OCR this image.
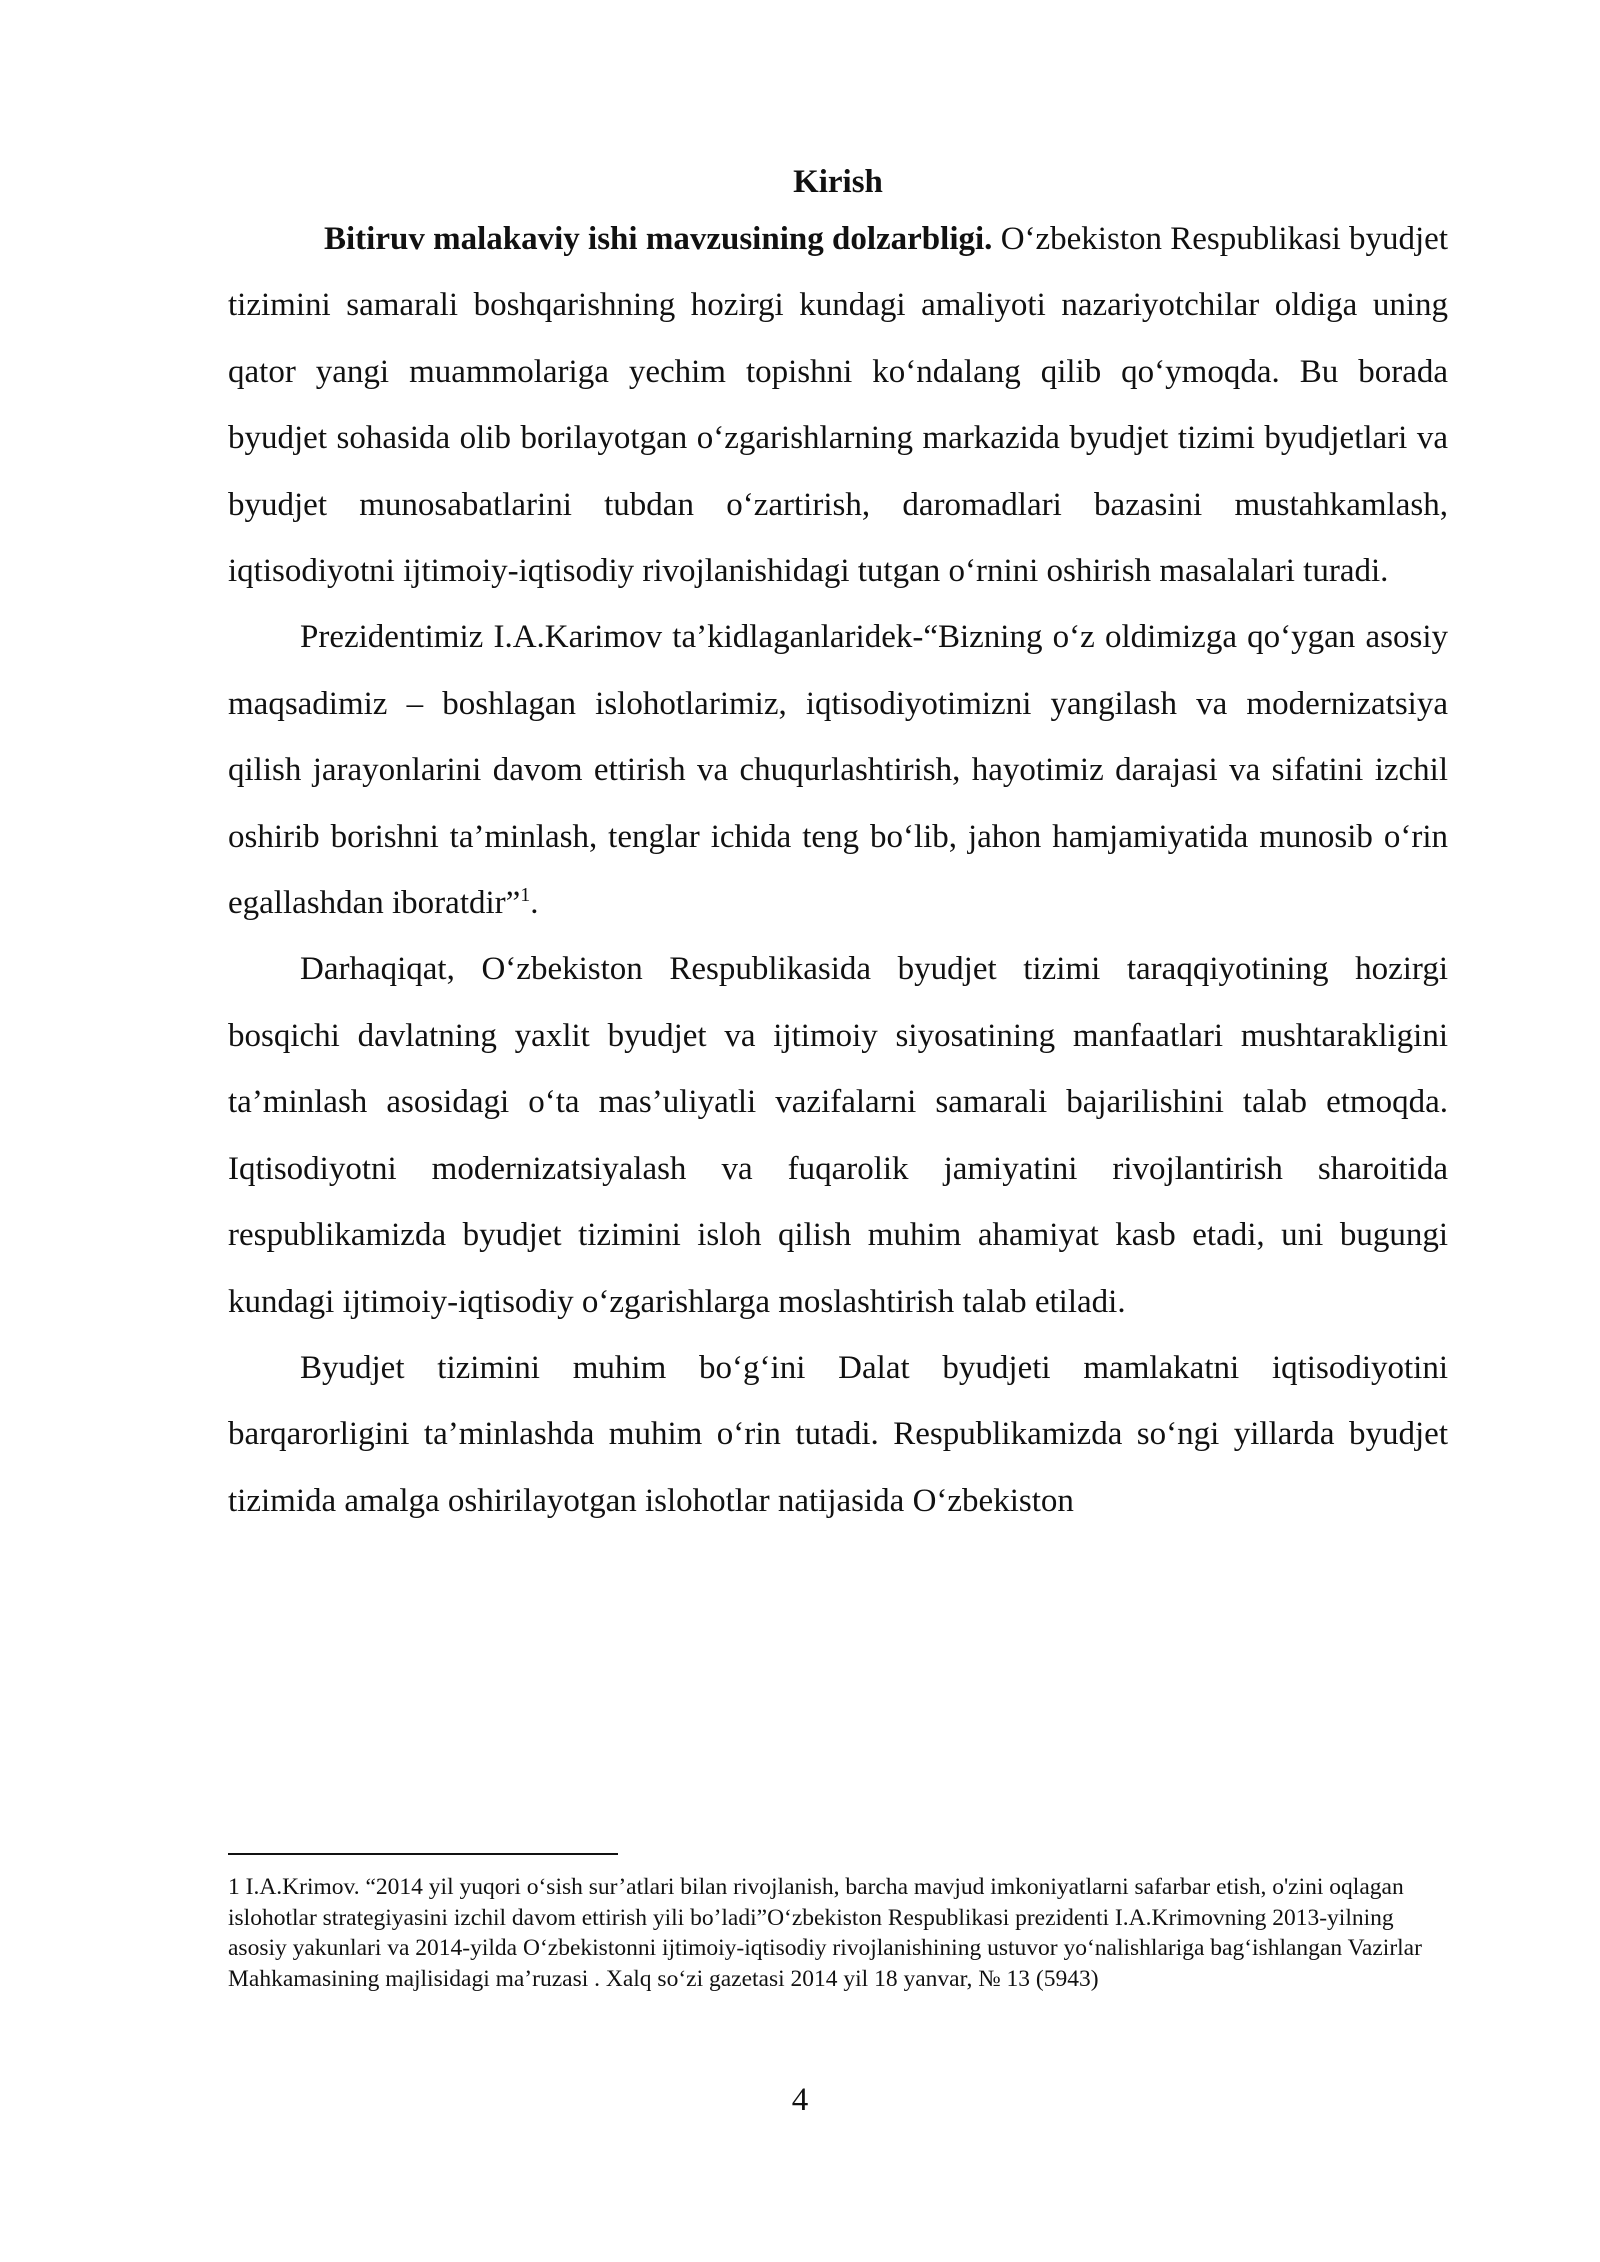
Kirish

Bitiruv malakaviy ishi mavzusining dolzarbligi. O‘zbekiston Respublikasi byudjet tizimini samarali boshqarishning hozirgi kundagi amaliyoti nazariyotchilar oldiga uning qator yangi muammolariga yechim topishni ko‘ndalang qilib qo‘ymoqda. Bu borada byudjet sohasida olib borilayotgan o‘zgarishlarning markazida byudjet tizimi byudjetlari va byudjet munosabatlarini tubdan o‘zartirish, daromadlari bazasini mustahkamlash, iqtisodiyotni ijtimoiy-iqtisodiy rivojlanishidagi tutgan o‘rnini oshirish masalalari turadi.

Prezidentimiz I.A.Karimov ta’kidlaganlaridek-“Bizning o‘z oldimizga qo‘ygan asosiy maqsadimiz – boshlagan islohotlarimiz, iqtisodiyotimizni yangilash va modernizatsiya qilish jarayonlarini davom ettirish va chuqurlashtirish, hayotimiz darajasi va sifatini izchil oshirib borishni ta’minlash, tenglar ichida teng bo‘lib, jahon hamjamiyatida munosib o‘rin egallashdan iboratdir”$^1$.

Darhaqiqat, O‘zbekiston Respublikasida byudjet tizimi taraqqiyotining hozirgi bosqichi davlatning yaxlit byudjet va ijtimoiy siyosatining manfaatlari mushtarakligini ta’minlash asosidagi o‘ta mas’uliyatli vazifalarni samarali bajarilishini talab etmoqda. Iqtisodiyotni modernizatsiyalash va fuqarolik jamiyatini rivojlantirish sharoitida respublikamizda byudjet tizimini isloh qilish muhim ahamiyat kasb etadi, uni bugungi kundagi ijtimoiy-iqtisodiy o‘zgarishlarga moslashtirish talab etiladi.

Byudjet tizimini muhim bo‘g‘ini Dalat byudjeti mamlakatni iqtisodiyotini barqarorligini ta’minlashda muhim o‘rin tutadi. Respublikamizda so‘ngi yillarda byudjet tizimida amalga oshirilayotgan islohotlar natijasida O‘zbekiston

1 I.A.Krimov. “2014 yil yuqori o‘sish sur’atlari bilan rivojlanish, barcha mavjud imkoniyatlarni safarbar etish, o'zini oqlagan islohotlar strategiyasini izchil davom ettirish yili bo’ladi”O‘zbekiston Respublikasi prezidenti I.A.Krimovning 2013-yilning asosiy yakunlari va 2014-yilda O‘zbekistonni ijtimoiy-iqtisodiy rivojlanishining ustuvor yo‘nalishlariga bag‘ishlangan Vazirlar Mahkamasining majlisidagi ma’ruzasi . Xalq so‘zi gazetasi 2014 yil 18 yanvar, № 13 (5943)

4
